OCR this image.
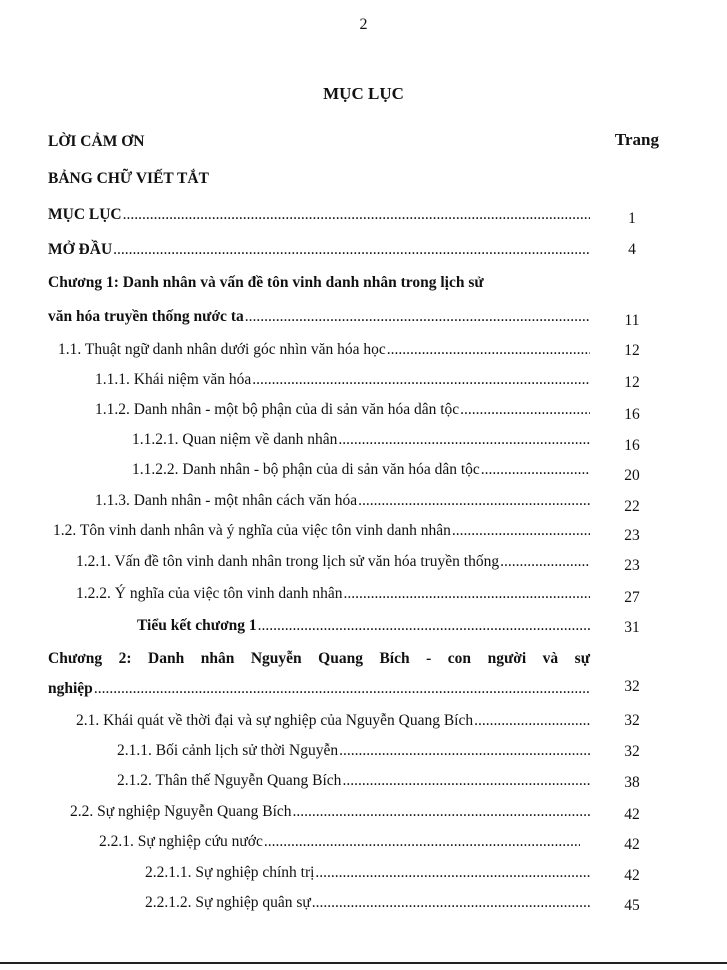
2
MỤC LỤC
Trang
LỜI CẢM ƠN
BẢNG CHỮ VIẾT TẮT
MỤC LỤC .....	1
MỞ ĐẦU .....	4
Chương 1: Danh nhân và vấn đề tôn vinh danh nhân trong lịch sử
văn hóa truyền thống nước ta .....	11
1.1. Thuật ngữ danh nhân dưới góc nhìn văn hóa học .....	12
1.1.1. Khái niệm văn hóa .....	12
1.1.2. Danh nhân - một bộ phận của di sản văn hóa dân tộc .....	16
1.1.2.1. Quan niệm về danh nhân .....	16
1.1.2.2. Danh nhân - bộ phận của di sản văn hóa dân tộc .....	20
1.1.3. Danh nhân - một nhân cách văn hóa .....	22
1.2. Tôn vinh danh nhân và ý nghĩa của việc tôn vinh danh nhân .....	23
1.2.1. Vấn đề tôn vinh danh nhân trong lịch sử văn hóa truyền thống .....	23
1.2.2. Ý nghĩa của việc tôn vinh danh nhân .....	27
Tiểu kết chương 1 .....	31
Chương 2: Danh nhân Nguyễn Quang Bích - con người và sự
nghiệp .....	32
2.1. Khái quát về thời đại và sự nghiệp của Nguyễn Quang Bích .....	32
2.1.1. Bối cảnh lịch sử thời Nguyễn .....	32
2.1.2. Thân thế Nguyễn Quang Bích .....	38
2.2. Sự nghiệp Nguyễn Quang Bích .....	42
2.2.1. Sự nghiệp cứu nước .....	42
2.2.1.1. Sự nghiệp chính trị .....	42
2.2.1.2. Sự nghiệp quân sự .....	45
